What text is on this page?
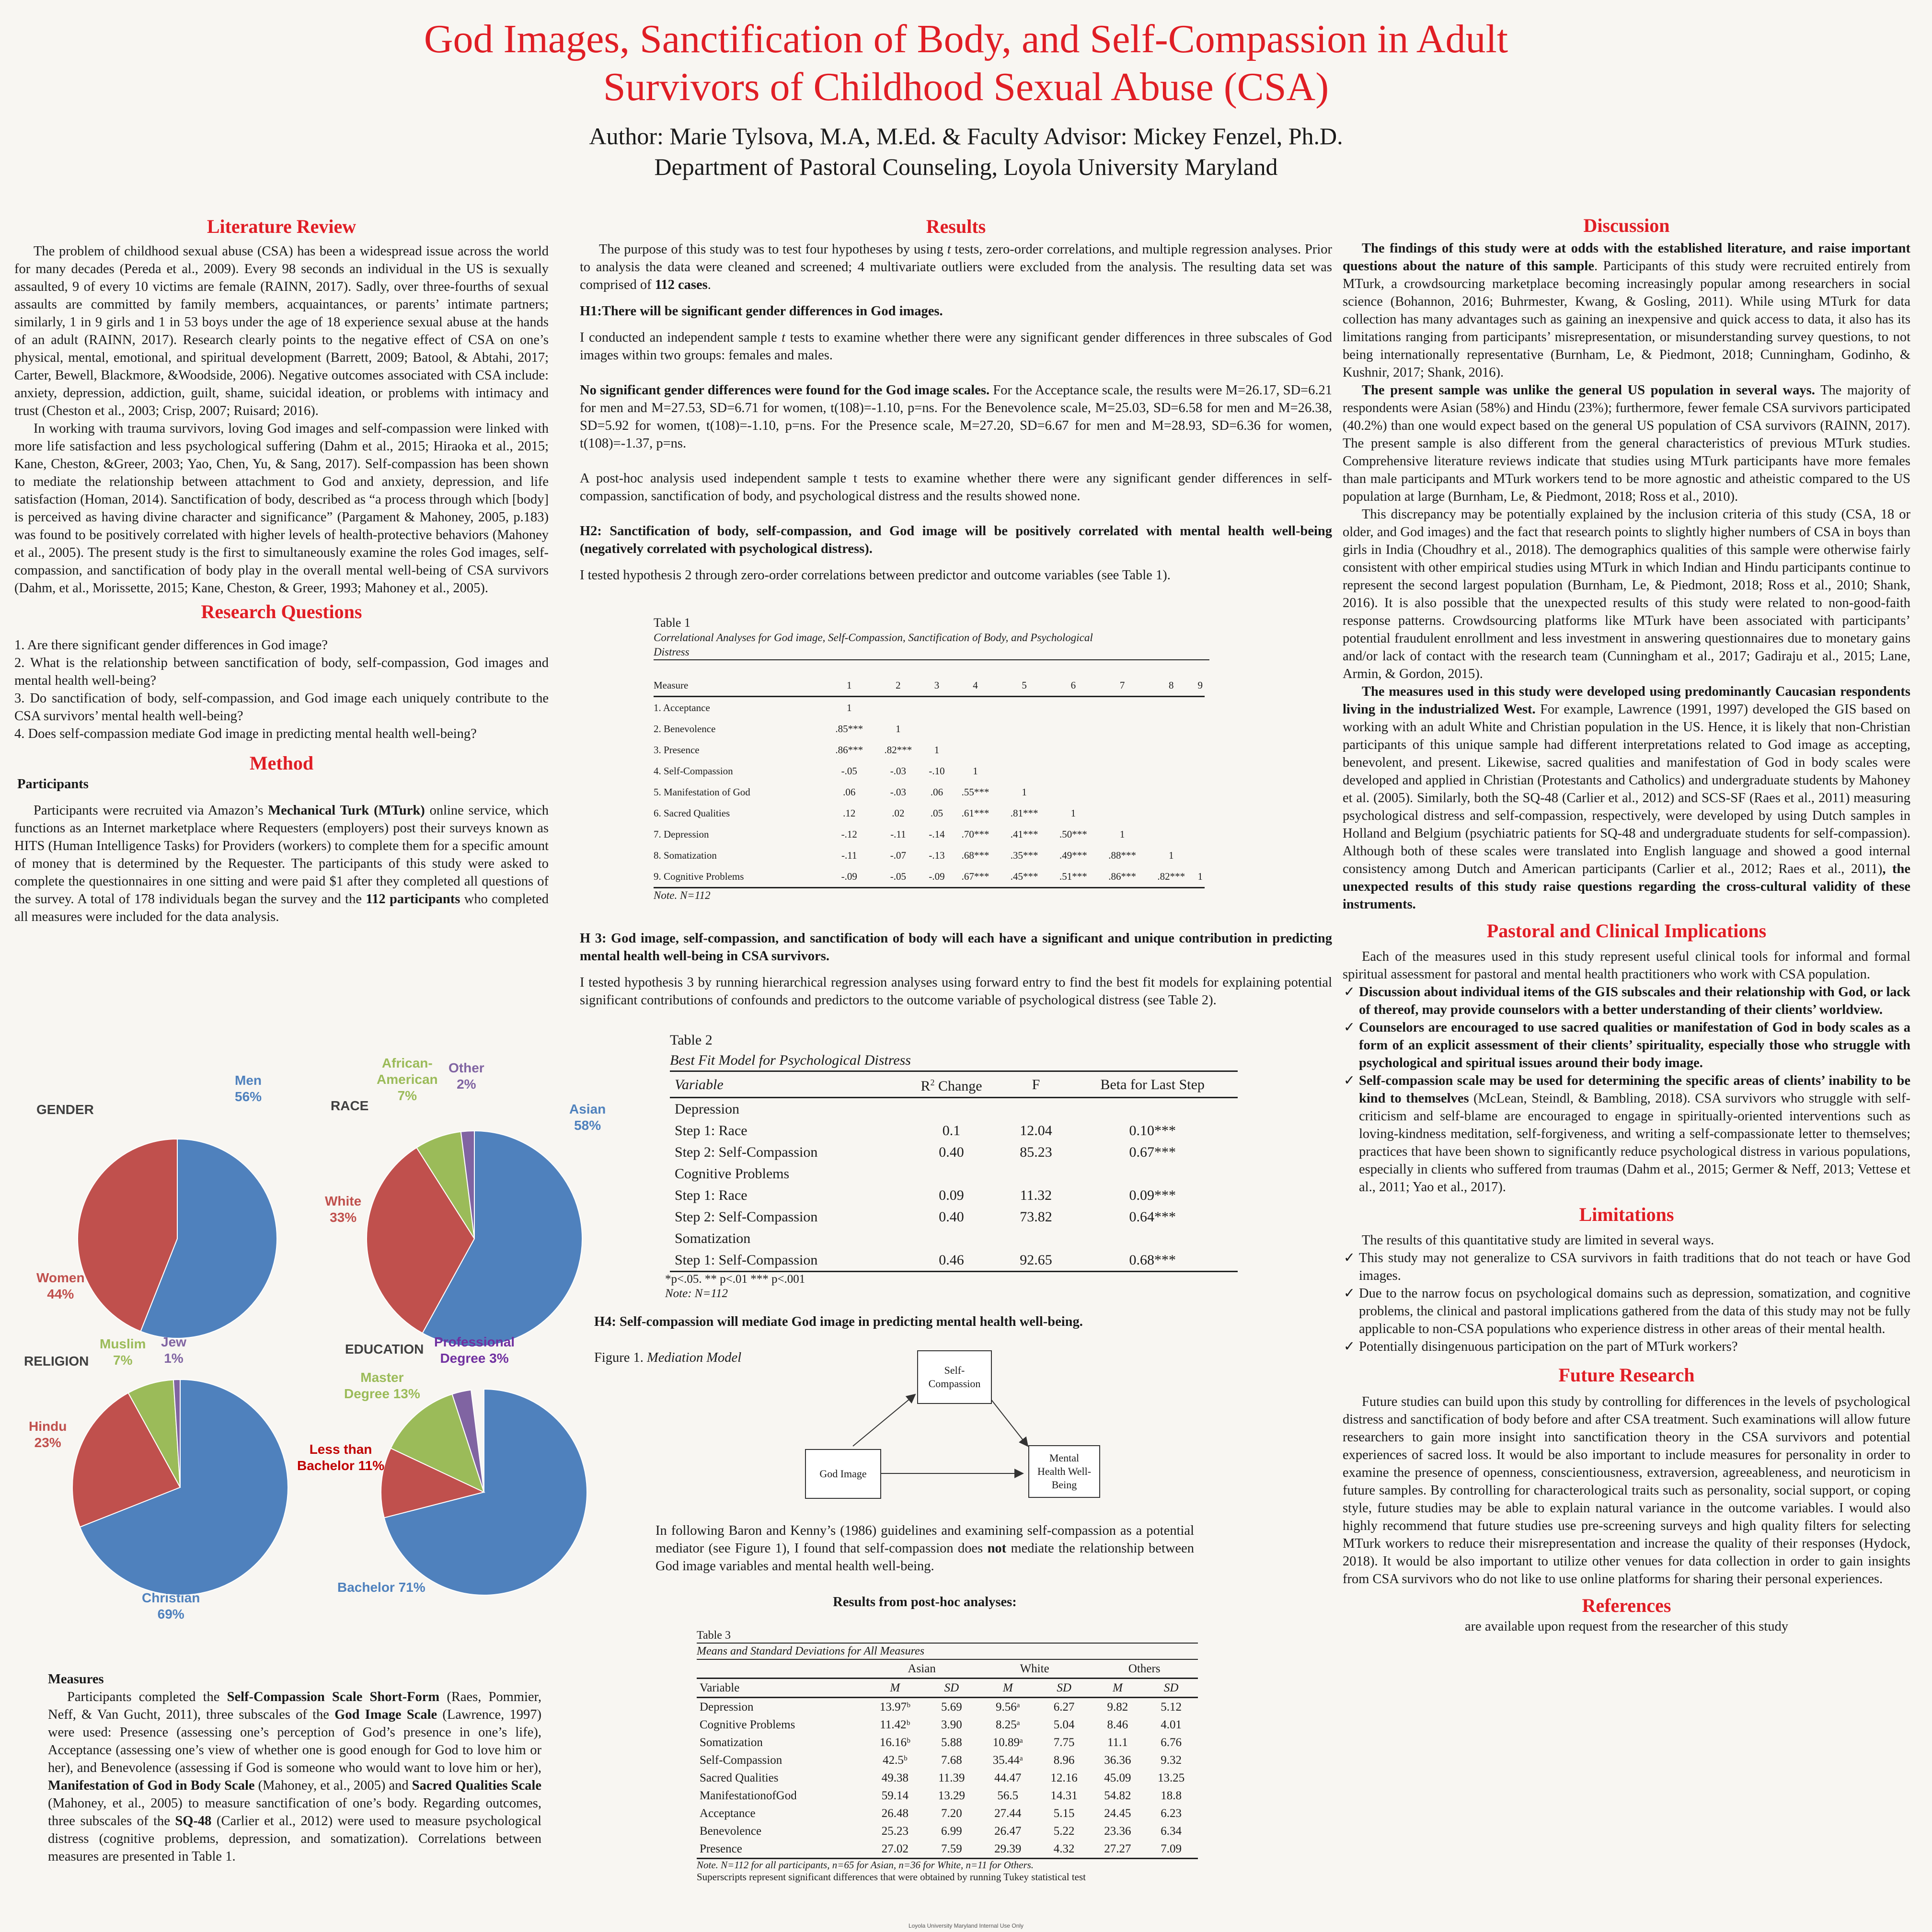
God Images, Sanctification of Body, and Self-Compassion in Adult
Survivors of Childhood Sexual Abuse (CSA)
Author: Marie Tylsova, M.A, M.Ed. & Faculty Advisor: Mickey Fenzel, Ph.D.
Department of Pastoral Counseling, Loyola University Maryland
Literature Review

The problem of childhood sexual abuse (CSA) has been a widespread issue across the world for many decades (Pereda et al., 2009). Every 98 seconds an individual in the US is sexually assaulted, 9 of every 10 victims are female (RAINN, 2017). Sadly, over three-fourths of sexual assaults are committed by family members, acquaintances, or parents’ intimate partners; similarly, 1 in 9 girls and 1 in 53 boys under the age of 18 experience sexual abuse at the hands of an adult (RAINN, 2017). Research clearly points to the negative effect of CSA on one’s physical, mental, emotional, and spiritual development (Barrett, 2009; Batool, & Abtahi, 2017; Carter, Bewell, Blackmore, &Woodside, 2006). Negative outcomes associated with CSA include: anxiety, depression, addiction, guilt, shame, suicidal ideation, or problems with intimacy and trust (Cheston et al., 2003; Crisp, 2007; Ruisard; 2016).

In working with trauma survivors, loving God images and self-compassion were linked with more life satisfaction and less psychological suffering (Dahm et al., 2015; Hiraoka et al., 2015; Kane, Cheston, &Greer, 2003; Yao, Chen, Yu, & Sang, 2017). Self-compassion has been shown to mediate the relationship between attachment to God and anxiety, depression, and life satisfaction (Homan, 2014). Sanctification of body, described as “a process through which [body] is perceived as having divine character and significance” (Pargament & Mahoney, 2005, p.183) was found to be positively correlated with higher levels of health-protective behaviors (Mahoney et al., 2005). The present study is the first to simultaneously examine the roles God images, self-compassion, and sanctification of body play in the overall mental well-being of CSA survivors (Dahm, et al., Morissette, 2015; Kane, Cheston, & Greer, 1993; Mahoney et al., 2005).

Research Questions

1. Are there significant gender differences in God image?

2. What is the relationship between sanctification of body, self-compassion, God images and mental health well-being?

3. Do sanctification of body, self-compassion, and God image each uniquely contribute to the CSA survivors’ mental health well-being?

4. Does self-compassion mediate God image in predicting mental health well-being?

Method

Participants

Participants were recruited via Amazon’s Mechanical Turk (MTurk) online service, which functions as an Internet marketplace where Requesters (employers) post their surveys known as HITS (Human Intelligence Tasks) for Providers (workers) to complete them for a specific amount of money that is determined by the Requester. The participants of this study were asked to complete the questionnaires in one sitting and were paid $1 after they completed all questions of the survey. A total of 178 individuals began the survey and the 112 participants who completed all measures were included for the data analysis.

GENDER
Men
56%
Women
44%
RACE	Asian
58%
White
33%
African-
American
7%
Other
2%
RELIGION
Christian
69%
Hindu
23%
Muslim
7%
Jew
1%
EDUCATION
Bachelor 71%
Less than
Bachelor 11%
Master
Degree 13%
Professional
Degree 3%

Measures

Participants completed the Self-Compassion Scale Short-Form (Raes, Pommier, Neff, & Van Gucht, 2011), three subscales of the God Image Scale (Lawrence, 1997) were used: Presence (assessing one’s perception of God’s presence in one’s life), Acceptance (assessing one’s view of whether one is good enough for God to love him or her), and Benevolence (assessing if God is someone who would want to love him or her), Manifestation of God in Body Scale (Mahoney, et al., 2005) and Sacred Qualities Scale (Mahoney, et al., 2005) to measure sanctification of one’s body. Regarding outcomes, three subscales of the SQ-48 (Carlier et al., 2012) were used to measure psychological distress (cognitive problems, depression, and somatization). Correlations between measures are presented in Table 1.

Results

The purpose of this study was to test four hypotheses by using t tests, zero-order correlations, and multiple regression analyses. Prior to analysis the data were cleaned and screened; 4 multivariate outliers were excluded from the analysis. The resulting data set was comprised of 112 cases.

H1:There will be significant gender differences in God images.

I conducted an independent sample t tests to examine whether there were any significant gender differences in three subscales of God images within two groups: females and males.

No significant gender differences were found for the God image scales. For the Acceptance scale, the results were M=26.17, SD=6.21 for men and M=27.53, SD=6.71 for women, t(108)=-1.10, p=ns. For the Benevolence scale, M=25.03, SD=6.58 for men and M=26.38, SD=5.92 for women, t(108)=-1.10, p=ns. For the Presence scale, M=27.20, SD=6.67 for men and M=28.93, SD=6.36 for women, t(108)=-1.37, p=ns.

A post-hoc analysis used independent sample t tests to examine whether there were any significant gender differences in self-compassion, sanctification of body, and psychological distress and the results showed none.

H2: Sanctification of body, self-compassion, and God image will be positively correlated with mental health well-being (negatively correlated with psychological distress).

I tested hypothesis 2 through zero-order correlations between predictor and outcome variables (see Table 1).

Table 1
Correlational Analyses for God image, Self-Compassion, Sanctification of Body, and Psychological
Distress
Measure	1	2	3	4	5	6	7	8	9
1. Acceptance	1								
2. Benevolence	.85***	1							
3. Presence	.86***	.82***	1						
4. Self-Compassion	-.05	-.03	-.10	1					
5. Manifestation of God	.06	-.03	.06	.55***	1				
6. Sacred Qualities	.12	.02	.05	.61***	.81***	1			
7. Depression	-.12	-.11	-.14	.70***	.41***	.50***	1		
8. Somatization	-.11	-.07	-.13	.68***	.35***	.49***	.88***	1	
9. Cognitive Problems	-.09	-.05	-.09	.67***	.45***	.51***	.86***	.82***	1
Note. N=112

H 3: God image, self-compassion, and sanctification of body will each have a significant and unique contribution in predicting mental health well-being in CSA survivors.

I tested hypothesis 3 by running hierarchical regression analyses using forward entry to find the best fit models for explaining potential significant contributions of confounds and predictors to the outcome variable of psychological distress (see Table 2).

Table 2
Best Fit Model for Psychological Distress
Variable	$R^2$ Change	F	Beta for Last Step
Depression			
Step 1: Race	0.1	12.04	0.10***
Step 2: Self-Compassion	0.40	85.23	0.67***
Cognitive Problems			
Step 1: Race	0.09	11.32	0.09***
Step 2: Self-Compassion	0.40	73.82	0.64***
Somatization			
Step 1: Self-Compassion	0.46	92.65	0.68***
*p<.05. ** p<.01 *** p<.001
Note: N=112

H4: Self-compassion will mediate God image in predicting mental health well-being.

Figure 1. Mediation Model

Self-
Compassion
God Image
Mental
Health Well-
Being

In following Baron and Kenny’s (1986) guidelines and examining self-compassion as a potential mediator (see Figure 1), I found that self-compassion does not mediate the relationship between God image variables and mental health well-being.

Results from post-hoc analyses:

Table 3
Means and Standard Deviations for All Measures
	Asian		White		Others	
Variable	M	SD	M	SD	M	SD
Depression	13.97ᵇ	5.69	9.56ᵃ	6.27	9.82	5.12
Cognitive Problems	11.42ᵇ	3.90	8.25ᵃ	5.04	8.46	4.01
Somatization	16.16ᵇ	5.88	10.89ᵃ	7.75	11.1	6.76
Self-Compassion	42.5ᵇ	7.68	35.44ᵃ	8.96	36.36	9.32
Sacred Qualities	49.38	11.39	44.47	12.16	45.09	13.25
ManifestationofGod	59.14	13.29	56.5	14.31	54.82	18.8
Acceptance	26.48	7.20	27.44	5.15	24.45	6.23
Benevolence	25.23	6.99	26.47	5.22	23.36	6.34
Presence	27.02	7.59	29.39	4.32	27.27	7.09
Note. N=112 for all participants, n=65 for Asian, n=36 for White, n=11 for Others.
Superscripts represent significant differences that were obtained by running Tukey statistical test
Discussion

The findings of this study were at odds with the established literature, and raise important questions about the nature of this sample. Participants of this study were recruited entirely from MTurk, a crowdsourcing marketplace becoming increasingly popular among researchers in social science (Bohannon, 2016; Buhrmester, Kwang, & Gosling, 2011). While using MTurk for data collection has many advantages such as gaining an inexpensive and quick access to data, it also has its limitations ranging from participants’ misrepresentation, or misunderstanding survey questions, to not being internationally representative (Burnham, Le, & Piedmont, 2018; Cunningham, Godinho, & Kushnir, 2017; Shank, 2016).

The present sample was unlike the general US population in several ways. The majority of respondents were Asian (58%) and Hindu (23%); furthermore, fewer female CSA survivors participated (40.2%) than one would expect based on the general US population of CSA survivors (RAINN, 2017). The present sample is also different from the general characteristics of previous MTurk studies. Comprehensive literature reviews indicate that studies using MTurk participants have more females than male participants and MTurk workers tend to be more agnostic and atheistic compared to the US population at large (Burnham, Le, & Piedmont, 2018; Ross et al., 2010).

This discrepancy may be potentially explained by the inclusion criteria of this study (CSA, 18 or older, and God images) and the fact that research points to slightly higher numbers of CSA in boys than girls in India (Choudhry et al., 2018). The demographics qualities of this sample were otherwise fairly consistent with other empirical studies using MTurk in which Indian and Hindu participants continue to represent the second largest population (Burnham, Le, & Piedmont, 2018; Ross et al., 2010; Shank, 2016). It is also possible that the unexpected results of this study were related to non-good-faith response patterns. Crowdsourcing platforms like MTurk have been associated with participants’ potential fraudulent enrollment and less investment in answering questionnaires due to monetary gains and/or lack of contact with the research team (Cunningham et al., 2017; Gadiraju et al., 2015; Lane, Armin, & Gordon, 2015).

The measures used in this study were developed using predominantly Caucasian respondents living in the industrialized West. For example, Lawrence (1991, 1997) developed the GIS based on working with an adult White and Christian population in the US. Hence, it is likely that non-Christian participants of this unique sample had different interpretations related to God image as accepting, benevolent, and present. Likewise, sacred qualities and manifestation of God in body scales were developed and applied in Christian (Protestants and Catholics) and undergraduate students by Mahoney et al. (2005). Similarly, both the SQ-48 (Carlier et al., 2012) and SCS-SF (Raes et al., 2011) measuring psychological distress and self-compassion, respectively, were developed by using Dutch samples in Holland and Belgium (psychiatric patients for SQ-48 and undergraduate students for self-compassion). Although both of these scales were translated into English language and showed a good internal consistency among Dutch and American participants (Carlier et al., 2012; Raes et al., 2011), the unexpected results of this study raise questions regarding the cross-cultural validity of these instruments.

Pastoral and Clinical Implications

Each of the measures used in this study represent useful clinical tools for informal and formal spiritual assessment for pastoral and mental health practitioners who work with CSA population.

✓ Discussion about individual items of the GIS subscales and their relationship with God, or lack of thereof, may provide counselors with a better understanding of their clients’ worldview.
✓ Counselors are encouraged to use sacred qualities or manifestation of God in body scales as a form of an explicit assessment of their clients’ spirituality, especially those who struggle with psychological and spiritual issues around their body image.
✓ Self-compassion scale may be used for determining the specific areas of clients’ inability to be kind to themselves (McLean, Steindl, & Bambling, 2018). CSA survivors who struggle with self-criticism and self-blame are encouraged to engage in spiritually-oriented interventions such as loving-kindness meditation, self-forgiveness, and writing a self-compassionate letter to themselves; practices that have been shown to significantly reduce psychological distress in various populations, especially in clients who suffered from traumas (Dahm et al., 2015; Germer & Neff, 2013; Vettese et al., 2011; Yao et al., 2017).
Limitations

The results of this quantitative study are limited in several ways.

✓ This study may not generalize to CSA survivors in faith traditions that do not teach or have God images.
✓ Due to the narrow focus on psychological domains such as depression, somatization, and cognitive problems, the clinical and pastoral implications gathered from the data of this study may not be fully applicable to non-CSA populations who experience distress in other areas of their mental health.
✓ Potentially disingenuous participation on the part of MTurk workers?
Future Research

Future studies can build upon this study by controlling for differences in the levels of psychological distress and sanctification of body before and after CSA treatment. Such examinations will allow future researchers to gain more insight into sanctification theory in the CSA survivors and potential experiences of sacred loss. It would be also important to include measures for personality in order to examine the presence of openness, conscientiousness, extraversion, agreeableness, and neuroticism in future samples. By controlling for characterological traits such as personality, social support, or coping style, future studies may be able to explain natural variance in the outcome variables. I would also highly recommend that future studies use pre-screening surveys and high quality filters for selecting MTurk workers to reduce their misrepresentation and increase the quality of their responses (Hydock, 2018). It would be also important to utilize other venues for data collection in order to gain insights from CSA survivors who do not like to use online platforms for sharing their personal experiences.

References

are available upon request from the researcher of this study

Loyola University Maryland Internal Use Only
